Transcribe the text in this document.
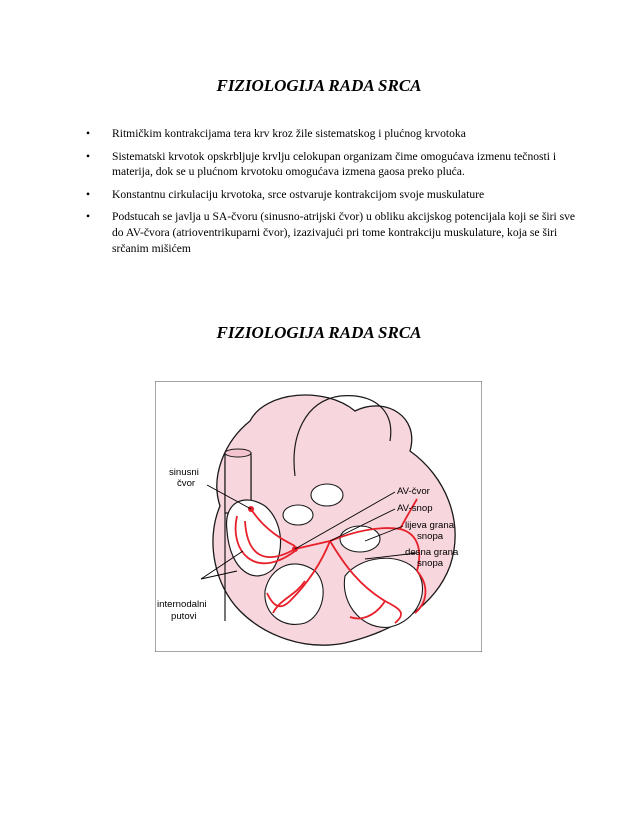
FIZIOLOGIJA RADA SRCA
• Ritmičkim kontrakcijama tera krv kroz žile sistematskog i plućnog krvotoka
• Sistematski krvotok opskrbljuje krvlju celokupan organizam čime omogućava izmenu tečnosti i materija, dok se u plućnom krvotoku omogućava izmena gaosa preko pluća.
• Konstantnu cirkulaciju krvotoka, srce ostvaruje kontrakcijom svoje muskulature
• Podstucah se javlja u SA-čvoru (sinusno-atrijski čvor) u obliku akcijskog potencijala koji se širi sve do AV-čvora (atrioventrikuparni čvor), izazivajući pri tome kontrakciju muskulature, koja se širi srčanim mišićem
FIZIOLOGIJA RADA SRCA
sinusni
čvor
internodalni
putovi
AV-čvor
AV-snop
lijeva grana
snopa
desna grana
snopa
